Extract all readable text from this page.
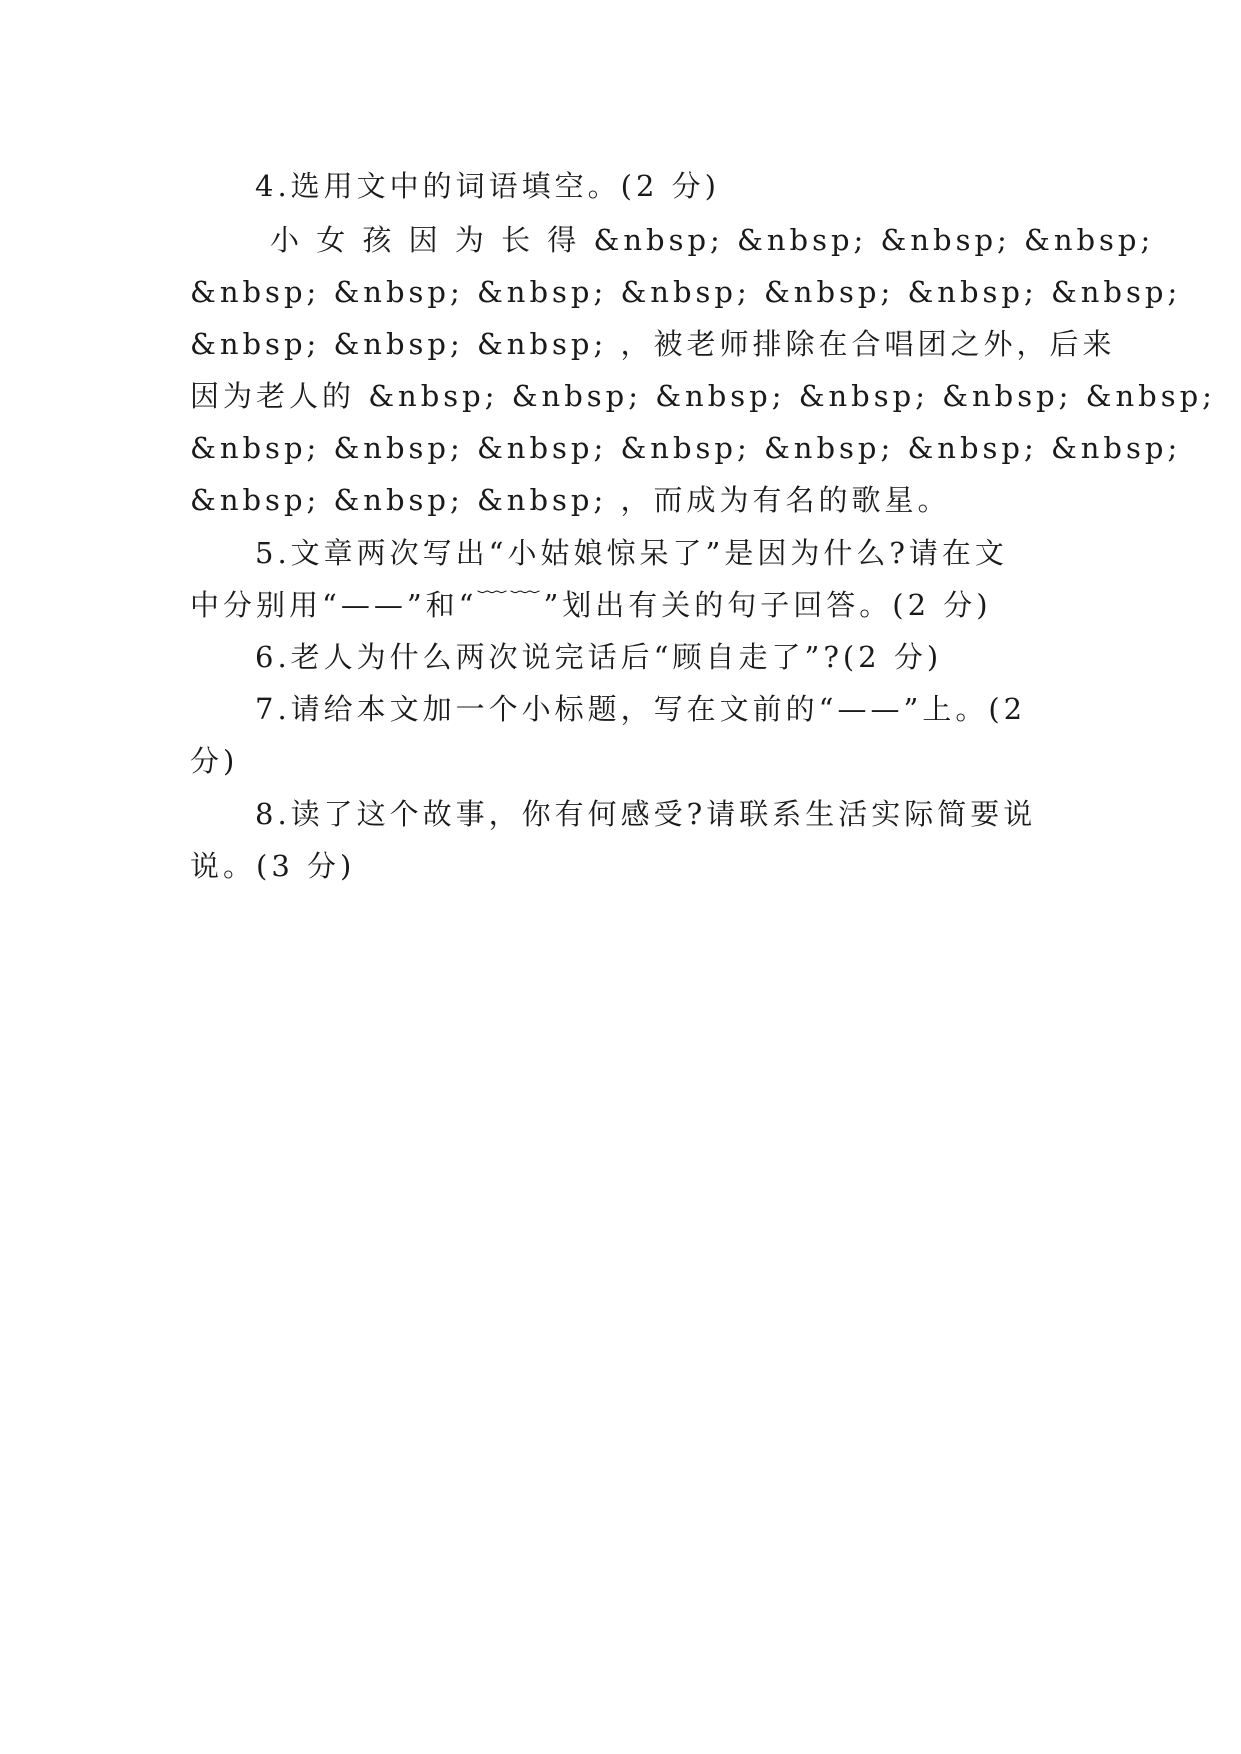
4.选用文中的词语填空。(2 分)
小 女 孩 因 为 长 得 &nbsp; &nbsp; &nbsp; &nbsp;
&nbsp; &nbsp; &nbsp; &nbsp; &nbsp; &nbsp; &nbsp;
&nbsp; &nbsp; &nbsp; ，被老师排除在合唱团之外，后来
因为老人的 &nbsp; &nbsp; &nbsp; &nbsp; &nbsp; &nbsp;
&nbsp; &nbsp; &nbsp; &nbsp; &nbsp; &nbsp; &nbsp;
&nbsp; &nbsp; &nbsp; ，而成为有名的歌星。
5.文章两次写出“小姑娘惊呆了”是因为什么?请在文
中分别用“——”和“﹋﹋”划出有关的句子回答。(2 分)
6.老人为什么两次说完话后“顾自走了”?(2 分)
7.请给本文加一个小标题，写在文前的“——”上。(2
分)
8.读了这个故事，你有何感受?请联系生活实际简要说
说。(3 分)
